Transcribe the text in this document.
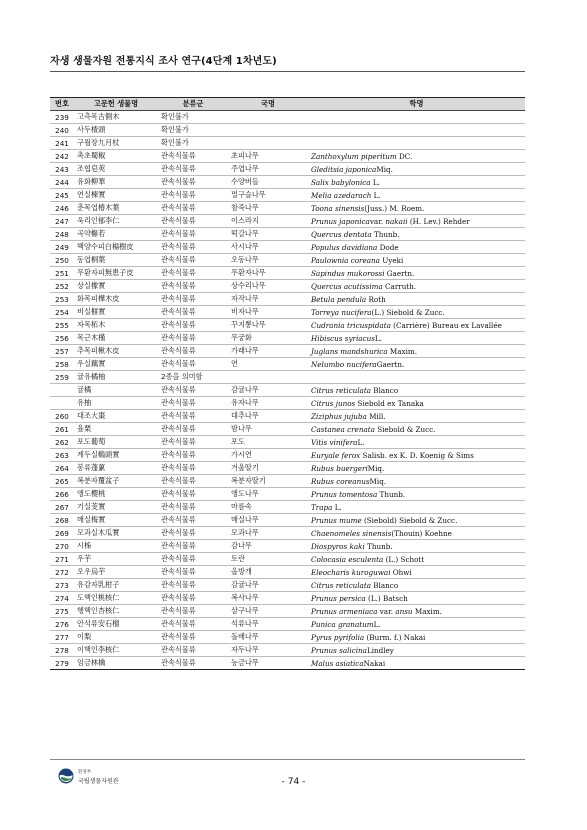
자생 생물자원 전통지식 조사 연구(4단계 1차년도)
번호	고문헌 생물명	분류군	국명	학명
239	고측목古側木	확인불가		
240	사두楂頭	확인불가		
241	구월장九月杖	확인불가		
242	촉초蜀椒	관속식물류	초피나무	Zanthoxylum piperitum DC.
243	조협皂莢	관속식물류	주엽나무	Gleditsia japonicaMiq.
244	유화柳華	관속식물류	수양버들	Salix babylonica L.
245	연실楝實	관속식물류	멀구슬나무	Melia azedarach L.
246	춘목엽椿木葉	관속식물류	참죽나무	Toona sinensis(Juss.) M. Roem.
247	욱리인郁李仁	관속식물류	이스라지	Prunus japonicavar. nakaii (H. Lev.) Rehder
248	곡약槲若	관속식물류	떡갈나무	Quercus dentata Thunb.
249	백양수피白楊樹皮	관속식물류	사시나무	Populus davidiana Dode
250	동엽桐葉	관속식물류	오동나무	Paulownia coreana Uyeki
251	무환자피無患子皮	관속식물류	무환자나무	Sapindus mukorossi Gaertn.
252	상실橡實	관속식물류	상수리나무	Quercus acutissima Carruth.
253	화목피樺木皮	관속식물류	자작나무	Betula pendula Roth
254	비실榧實	관속식물류	비자나무	Torreya nucifera(L.) Siebold & Zucc.
255	자목柘木	관속식물류	꾸지뽕나무	Cudrania tricuspidata (Carrière) Bureau ex Lavallée
256	목근木槿	관속식물류	무궁화	Hibiscus syriacusL.
257	추목피楸木皮	관속식물류	가래나무	Juglans mandshurica Maxim.
258	우실藕實	관속식물류	연	Nelumbo nuciferaGaertn.
259	귤유橘柚	2종을 의미함		
	귤橘	관속식물류	감귤나무	Citrus reticulata Blanco
	유柚	관속식물류	유자나무	Citrus junos Siebold ex Tanaka
260	대조大棗	관속식물류	대추나무	Ziziphus jujuba Mill.
261	율栗	관속식물류	밤나무	Castanea crenata Siebold & Zucc.
262	포도葡萄	관속식물류	포도	Vitis viniferaL.
263	계두실鷄頭實	관속식물류	가시연	Euryale ferox Salisb. ex K. D. Koenig & Sims
264	봉류蓬蔂	관속식물류	겨울딸기	Rubus buergeriMiq.
265	복분자覆盆子	관속식물류	복분자딸기	Rubus coreanusMiq.
266	앵도櫻桃	관속식물류	앵도나무	Prunus tomentosa Thunb.
267	기실芰實	관속식물류	마름속	Trapa L.
268	매실梅實	관속식물류	매실나무	Prunus mume (Siebold) Siebold & Zucc.
269	모과실木瓜實	관속식물류	모과나무	Chaenomeles sinensis(Thouin) Koehne
270	시柹	관속식물류	감나무	Diospyros kaki Thunb.
271	우芋	관속식물류	토란	Colocasia esculenta (L.) Schott
272	오우烏芋	관속식물류	올방개	Eleocharis kuroguwai Ohwi
273	유감자乳柑子	관속식물류	감귤나무	Citrus reticulata Blanco
274	도핵인桃核仁	관속식물류	복사나무	Prunus persica (L.) Batsch
275	행핵인杏核仁	관속식물류	살구나무	Prunus armeniaca var. ansu Maxim.
276	안석류安石榴	관속식물류	석류나무	Punica granatumL.
277	이梨	관속식물류	돌배나무	Pyrus pyrifolia (Burm. f.) Nakai
278	이핵인李核仁	관속식물류	자두나무	Prunus salicinaLindley
279	임금林檎	관속식물류	능금나무	Malus asiaticaNakai
환경부
국립생물자원관	- 74 -
